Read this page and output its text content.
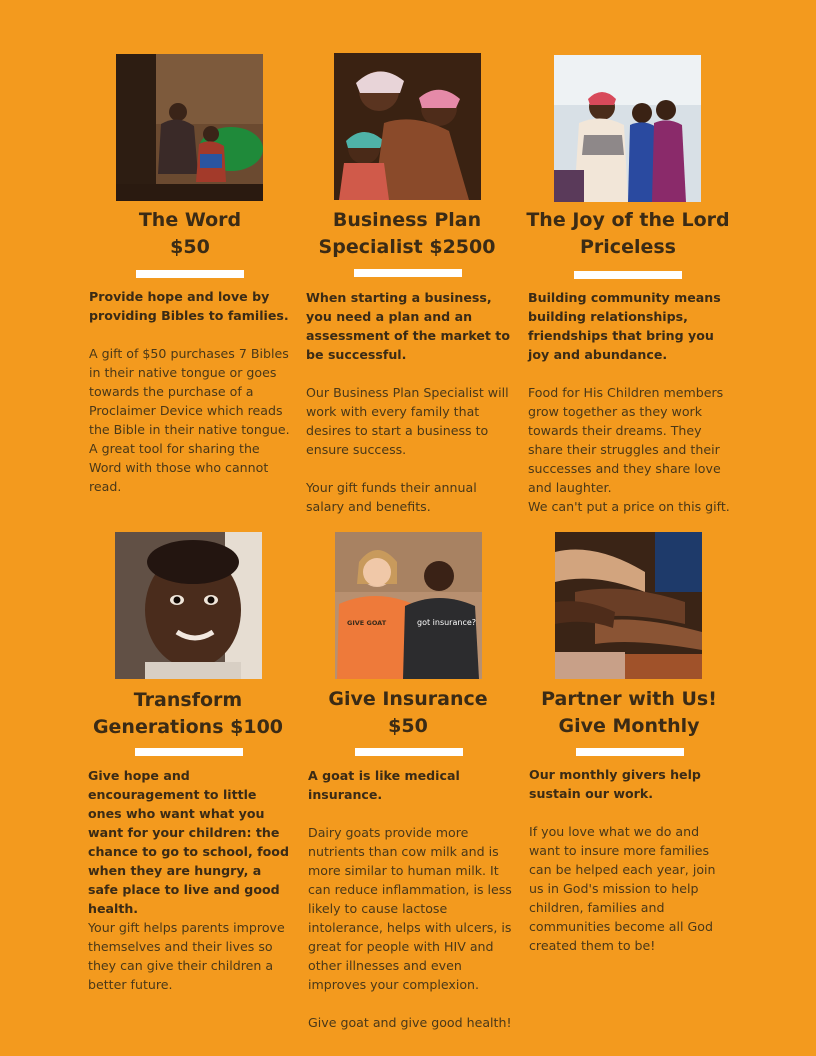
The Word
$50
Provide hope and love by providing Bibles to families.

A gift of $50 purchases 7 Bibles in their native tongue or goes towards the purchase of a Proclaimer Device which reads the Bible in their native tongue. A great tool for sharing the Word with those who cannot read.

Business Plan
Specialist $2500
When starting a business, you need a plan and an assessment of the market to be successful.

Our Business Plan Specialist will work with every family that desires to start a business to ensure success.

Your gift funds their annual salary and benefits.

The Joy of the Lord
Priceless
Building community means building relationships, friendships that bring you joy and abundance.

Food for His Children members grow together as they work towards their dreams. They share their struggles and their successes and they share love and laughter.

We can't put a price on this gift.

Transform
Generations $100
Give hope and encouragement to little ones who want what you want for your children: the chance to go to school, food when they are hungry, a safe place to live and good health.

Your gift helps parents improve themselves and their lives so they can give their children a better future.

GIVE GOAT	got insurance?
Give Insurance
$50
A goat is like medical insurance.

Dairy goats provide more nutrients than cow milk and is more similar to human milk. It can reduce inflammation, is less likely to cause lactose intolerance, helps with ulcers, is great for people with HIV and other illnesses and even improves your complexion.

Give goat and give good health!

Partner with Us!
Give Monthly
Our monthly givers help sustain our work.

If you love what we do and want to insure more families can be helped each year, join us in God's mission to help children, families and communities become all God created them to be!
